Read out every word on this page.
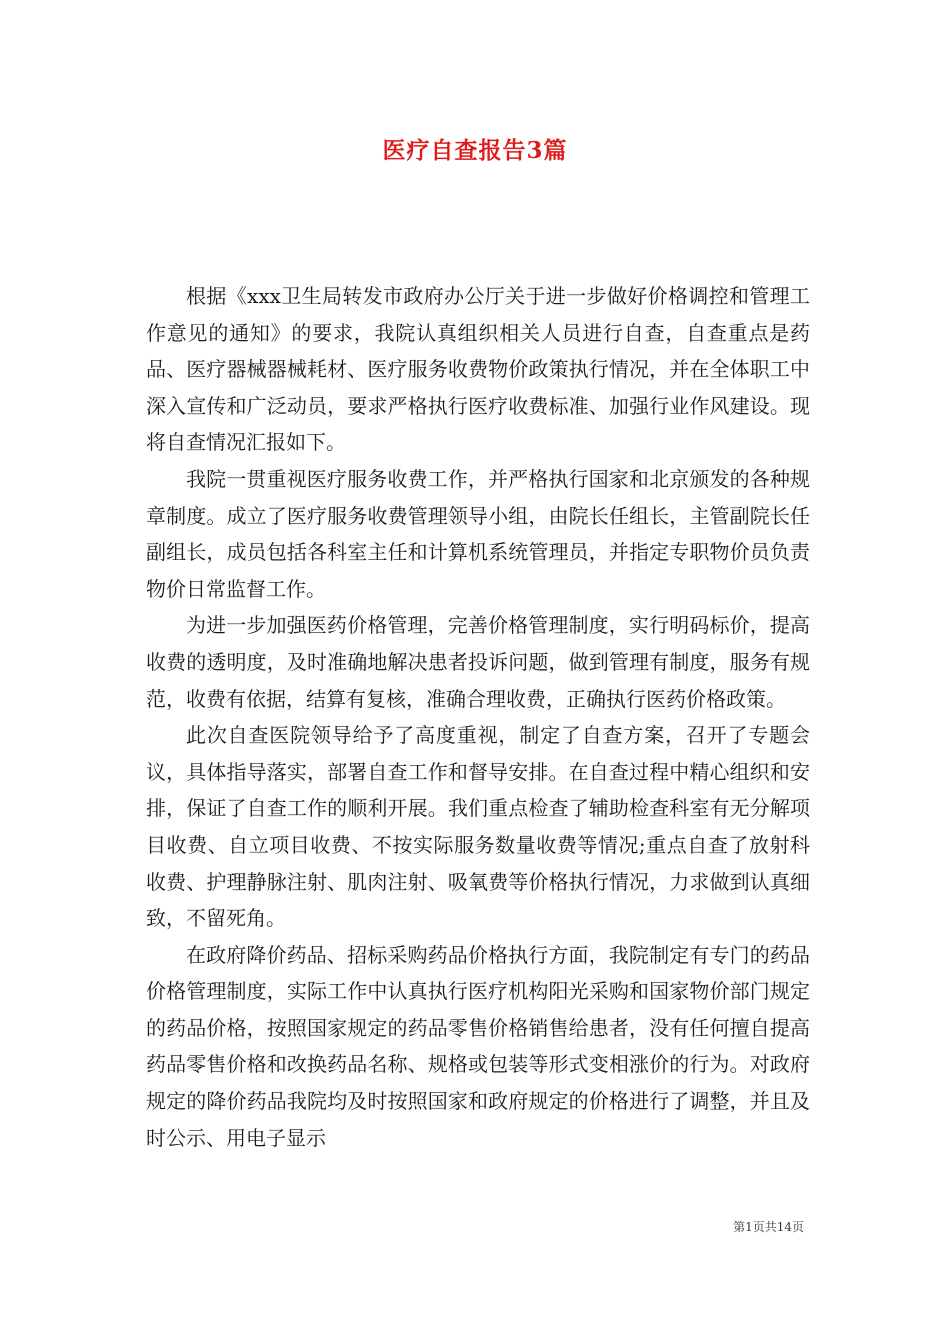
医疗自查报告3篇

根据《xxx卫生局转发市政府办公厅关于进一步做好价格调控和管理工作意见的通知》的要求，我院认真组织相关人员进行自查，自查重点是药品、医疗器械器械耗材、医疗服务收费物价政策执行情况，并在全体职工中深入宣传和广泛动员，要求严格执行医疗收费标准、加强行业作风建设。现将自查情况汇报如下。

我院一贯重视医疗服务收费工作，并严格执行国家和北京颁发的各种规章制度。成立了医疗服务收费管理领导小组，由院长任组长，主管副院长任副组长，成员包括各科室主任和计算机系统管理员，并指定专职物价员负责物价日常监督工作。

为进一步加强医药价格管理，完善价格管理制度，实行明码标价，提高收费的透明度，及时准确地解决患者投诉问题，做到管理有制度，服务有规范，收费有依据，结算有复核，准确合理收费，正确执行医药价格政策。

此次自查医院领导给予了高度重视，制定了自查方案，召开了专题会议，具体指导落实，部署自查工作和督导安排。在自查过程中精心组织和安排，保证了自查工作的顺利开展。我们重点检查了辅助检查科室有无分解项目收费、自立项目收费、不按实际服务数量收费等情况;重点自查了放射科收费、护理静脉注射、肌肉注射、吸氧费等价格执行情况，力求做到认真细致，不留死角。

在政府降价药品、招标采购药品价格执行方面，我院制定有专门的药品价格管理制度，实际工作中认真执行医疗机构阳光采购和国家物价部门规定的药品价格，按照国家规定的药品零售价格销售给患者，没有任何擅自提高药品零售价格和改换药品名称、规格或包装等形式变相涨价的行为。对政府规定的降价药品我院均及时按照国家和政府规定的价格进行了调整，并且及时公示、用电子显示

第1页共14页
